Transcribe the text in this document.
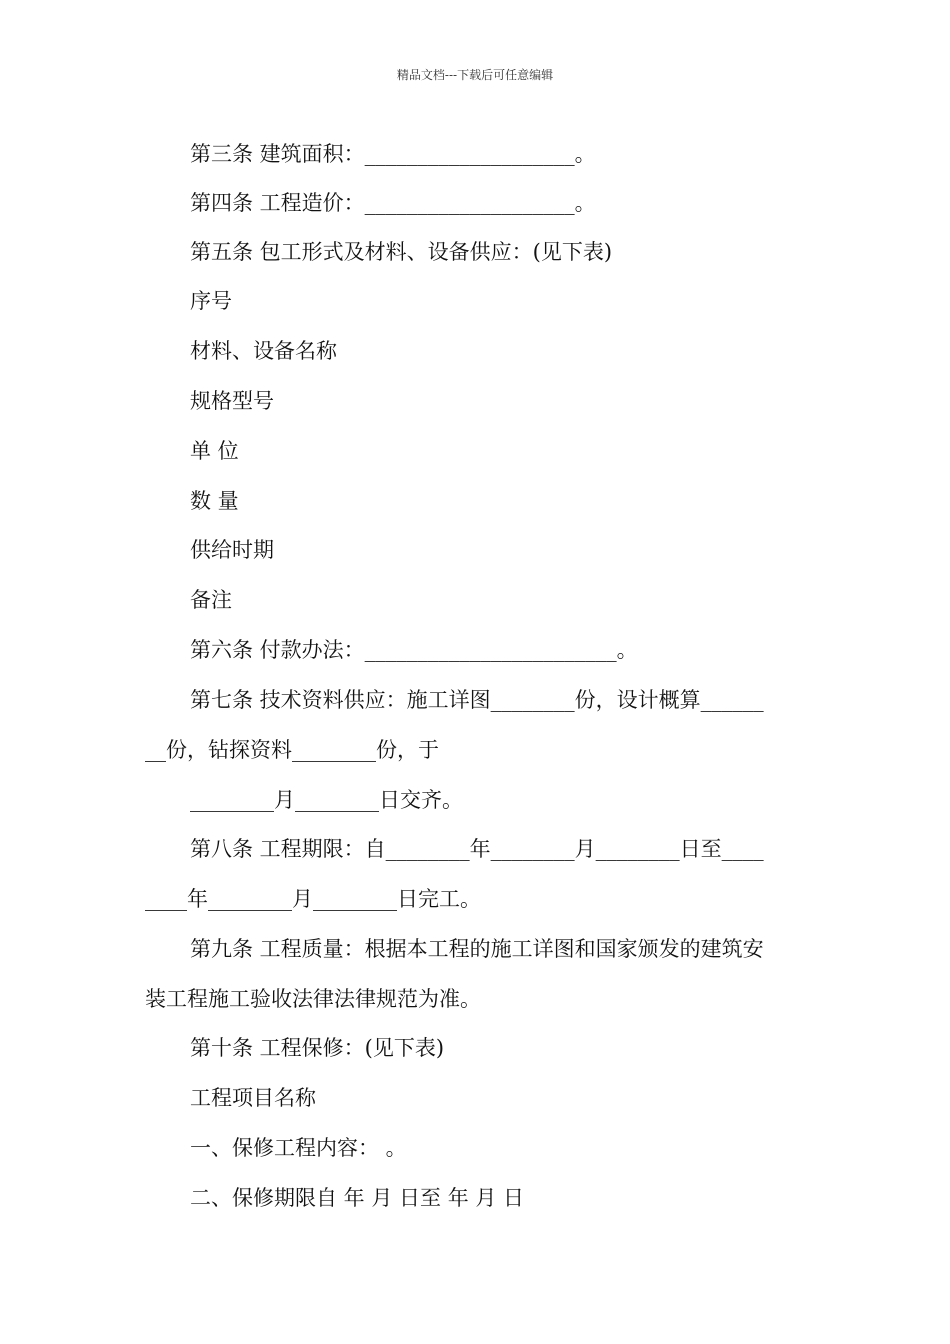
精品文档---下载后可任意编辑
第三条 建筑面积：____________________。
第四条 工程造价：____________________。
第五条 包工形式及材料、设备供应：(见下表)
序号
材料、设备名称
规格型号
单 位
数 量
供给时期
备注
第六条 付款办法：________________________。
第七条 技术资料供应：施工详图________份，设计概算______
__份，钻探资料________份，于
________月________日交齐。
第八条 工程期限：自________年________月________日至____
____年________月________日完工。
第九条 工程质量：根据本工程的施工详图和国家颁发的建筑安
装工程施工验收法律法律规范为准。
第十条 工程保修：(见下表)
工程项目名称
一、保修工程内容： 。
二、保修期限自 年 月 日至 年 月 日
